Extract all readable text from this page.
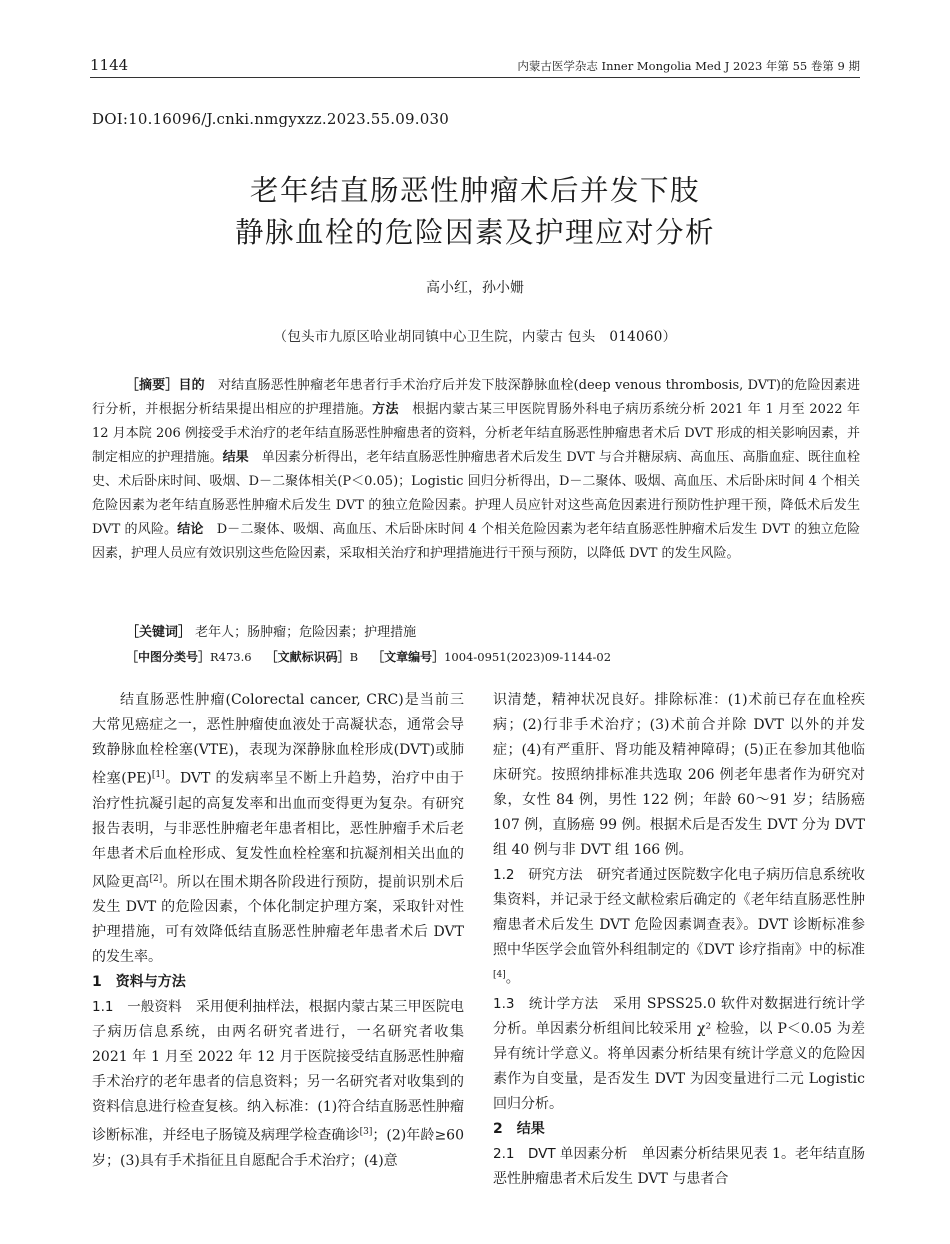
1144	内蒙古医学杂志 Inner Mongolia Med J 2023 年第 55 卷第 9 期
DOI:10.16096/J.cnki.nmgyxzz.2023.55.09.030
老年结直肠恶性肿瘤术后并发下肢
静脉血栓的危险因素及护理应对分析
高小红，孙小姗
（包头市九原区哈业胡同镇中心卫生院，内蒙古 包头　014060）

［摘要］目的　 对结直肠恶性肿瘤老年患者行手术治疗后并发下肢深静脉血栓(deep venous thrombosis, DVT)的危险因素进行分析，并根据分析结果提出相应的护理措施。方法　 根据内蒙古某三甲医院胃肠外科电子病历系统分析 2021 年 1 月至 2022 年 12 月本院 206 例接受手术治疗的老年结直肠恶性肿瘤患者的资料，分析老年结直肠恶性肿瘤患者术后 DVT 形成的相关影响因素，并制定相应的护理措施。结果　 单因素分析得出，老年结直肠恶性肿瘤患者术后发生 DVT 与合并糖尿病、高血压、高脂血症、既往血栓史、术后卧床时间、吸烟、D－二聚体相关(P＜0.05)；Logistic 回归分析得出，D－二聚体、吸烟、高血压、术后卧床时间 4 个相关危险因素为老年结直肠恶性肿瘤术后发生 DVT 的独立危险因素。护理人员应针对这些高危因素进行预防性护理干预，降低术后发生 DVT 的风险。结论　 D－二聚体、吸烟、高血压、术后卧床时间 4 个相关危险因素为老年结直肠恶性肿瘤术后发生 DVT 的独立危险因素，护理人员应有效识别这些危险因素，采取相关治疗和护理措施进行干预与预防，以降低 DVT 的发生风险。

［关键词］ 老年人；肠肿瘤；危险因素；护理措施
［中图分类号］R473.6 ［文献标识码］B ［文章编号］1004-0951(2023)09-1144-02

结直肠恶性肿瘤(Colorectal cancer, CRC)是当前三大常见癌症之一，恶性肿瘤使血液处于高凝状态，通常会导致静脉血栓栓塞(VTE)，表现为深静脉血栓形成(DVT)或肺栓塞(PE)[1]。DVT 的发病率呈不断上升趋势，治疗中由于治疗性抗凝引起的高复发率和出血而变得更为复杂。有研究报告表明，与非恶性肿瘤老年患者相比，恶性肿瘤手术后老年患者术后血栓形成、复发性血栓栓塞和抗凝剂相关出血的风险更高[2]。所以在围术期各阶段进行预防，提前识别术后发生 DVT 的危险因素，个体化制定护理方案，采取针对性护理措施，可有效降低结直肠恶性肿瘤老年患者术后 DVT 的发生率。

1　资料与方法

1.1　一般资料　采用便利抽样法，根据内蒙古某三甲医院电子病历信息系统，由两名研究者进行，一名研究者收集 2021 年 1 月至 2022 年 12 月于医院接受结直肠恶性肿瘤手术治疗的老年患者的信息资料；另一名研究者对收集到的资料信息进行检查复核。纳入标准：(1)符合结直肠恶性肿瘤诊断标准，并经电子肠镜及病理学检查确诊[3]；(2)年龄≥60 岁；(3)具有手术指征且自愿配合手术治疗；(4)意

识清楚，精神状况良好。排除标准：(1)术前已存在血栓疾病；(2)行非手术治疗；(3)术前合并除 DVT 以外的并发症；(4)有严重肝、肾功能及精神障碍；(5)正在参加其他临床研究。按照纳排标准共选取 206 例老年患者作为研究对象，女性 84 例，男性 122 例；年龄 60～91 岁；结肠癌 107 例，直肠癌 99 例。根据术后是否发生 DVT 分为 DVT 组 40 例与非 DVT 组 166 例。

1.2　研究方法　研究者通过医院数字化电子病历信息系统收集资料，并记录于经文献检索后确定的《老年结直肠恶性肿瘤患者术后发生 DVT 危险因素调查表》。DVT 诊断标准参照中华医学会血管外科组制定的《DVT 诊疗指南》中的标准[4]。

1.3　统计学方法　采用 SPSS25.0 软件对数据进行统计学分析。单因素分析组间比较采用 χ² 检验，以 P＜0.05 为差异有统计学意义。将单因素分析结果有统计学意义的危险因素作为自变量，是否发生 DVT 为因变量进行二元 Logistic 回归分析。

2　结果

2.1　DVT 单因素分析　单因素分析结果见表 1。老年结直肠恶性肿瘤患者术后发生 DVT 与患者合
